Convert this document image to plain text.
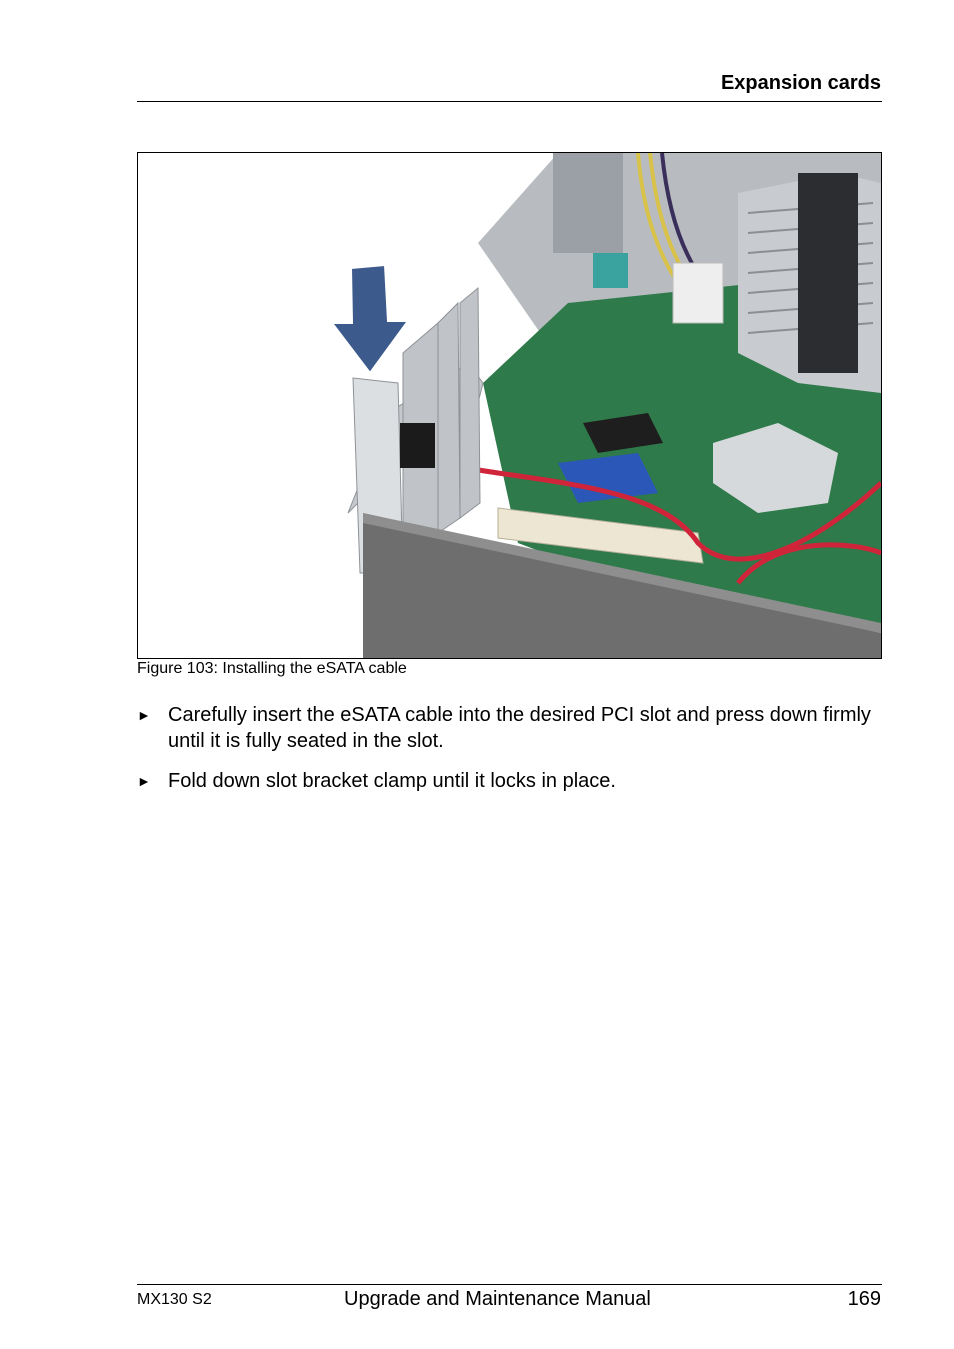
Expansion cards
Figure 103: Installing the eSATA cable
► Carefully insert the eSATA cable into the desired PCI slot and press down firmly until it is fully seated in the slot.
► Fold down slot bracket clamp until it locks in place.
MX130 S2	Upgrade and Maintenance Manual	169
